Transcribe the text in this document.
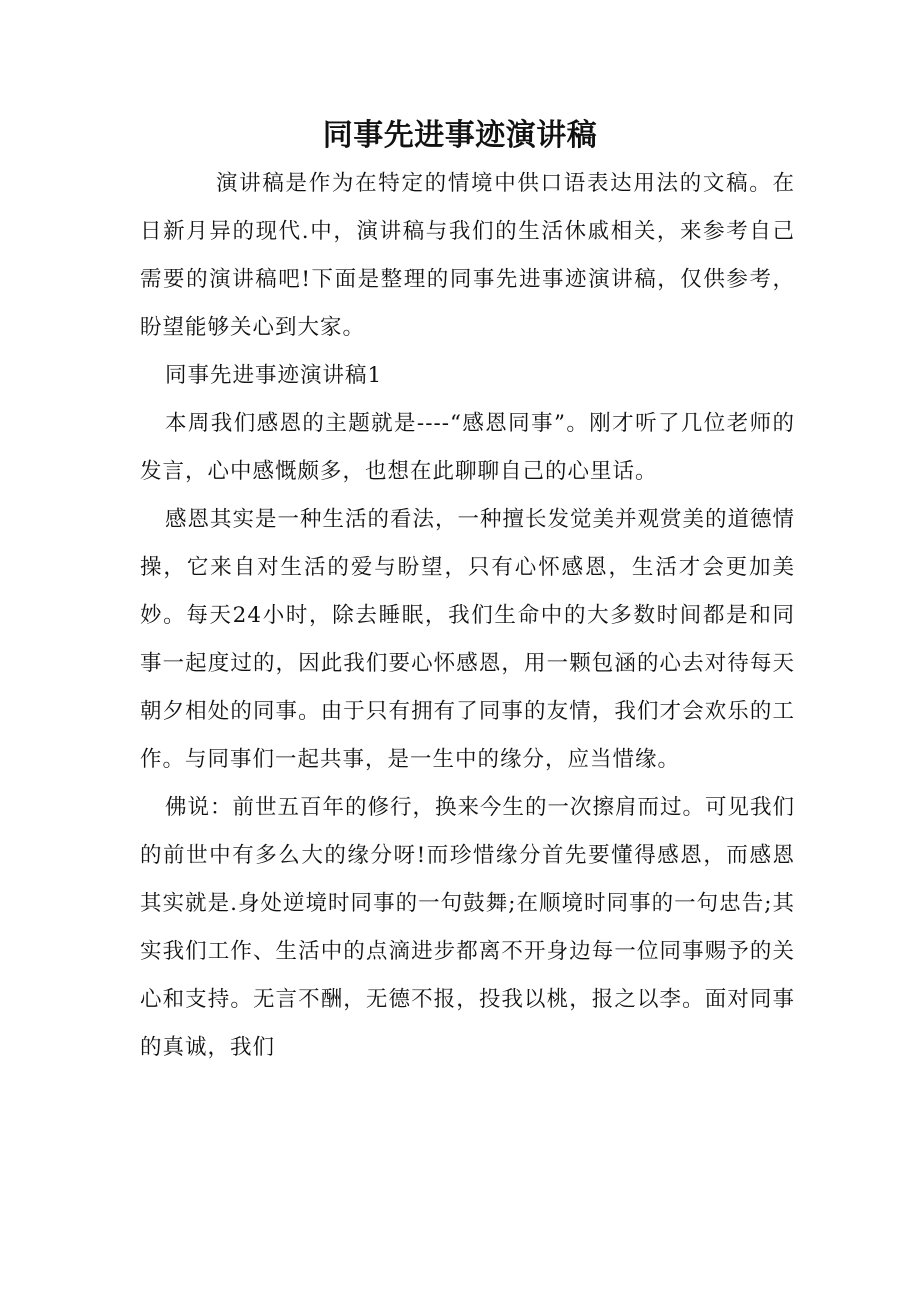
同事先进事迹演讲稿

演讲稿是作为在特定的情境中供口语表达用法的文稿。在日新月异的现代.中，演讲稿与我们的生活休戚相关，来参考自己需要的演讲稿吧!下面是整理的同事先进事迹演讲稿，仅供参考，盼望能够关心到大家。

同事先进事迹演讲稿1

本周我们感恩的主题就是----“感恩同事”。刚才听了几位老师的发言，心中感慨颇多，也想在此聊聊自己的心里话。

感恩其实是一种生活的看法，一种擅长发觉美并观赏美的道德情操，它来自对生活的爱与盼望，只有心怀感恩，生活才会更加美妙。每天24小时，除去睡眠，我们生命中的大多数时间都是和同事一起度过的，因此我们要心怀感恩，用一颗包涵的心去对待每天朝夕相处的同事。由于只有拥有了同事的友情，我们才会欢乐的工作。与同事们一起共事，是一生中的缘分，应当惜缘。

佛说：前世五百年的修行，换来今生的一次擦肩而过。可见我们的前世中有多么大的缘分呀!而珍惜缘分首先要懂得感恩，而感恩其实就是.身处逆境时同事的一句鼓舞;在顺境时同事的一句忠告;其实我们工作、生活中的点滴进步都离不开身边每一位同事赐予的关心和支持。无言不酬，无德不报，投我以桃，报之以李。面对同事的真诚，我们
